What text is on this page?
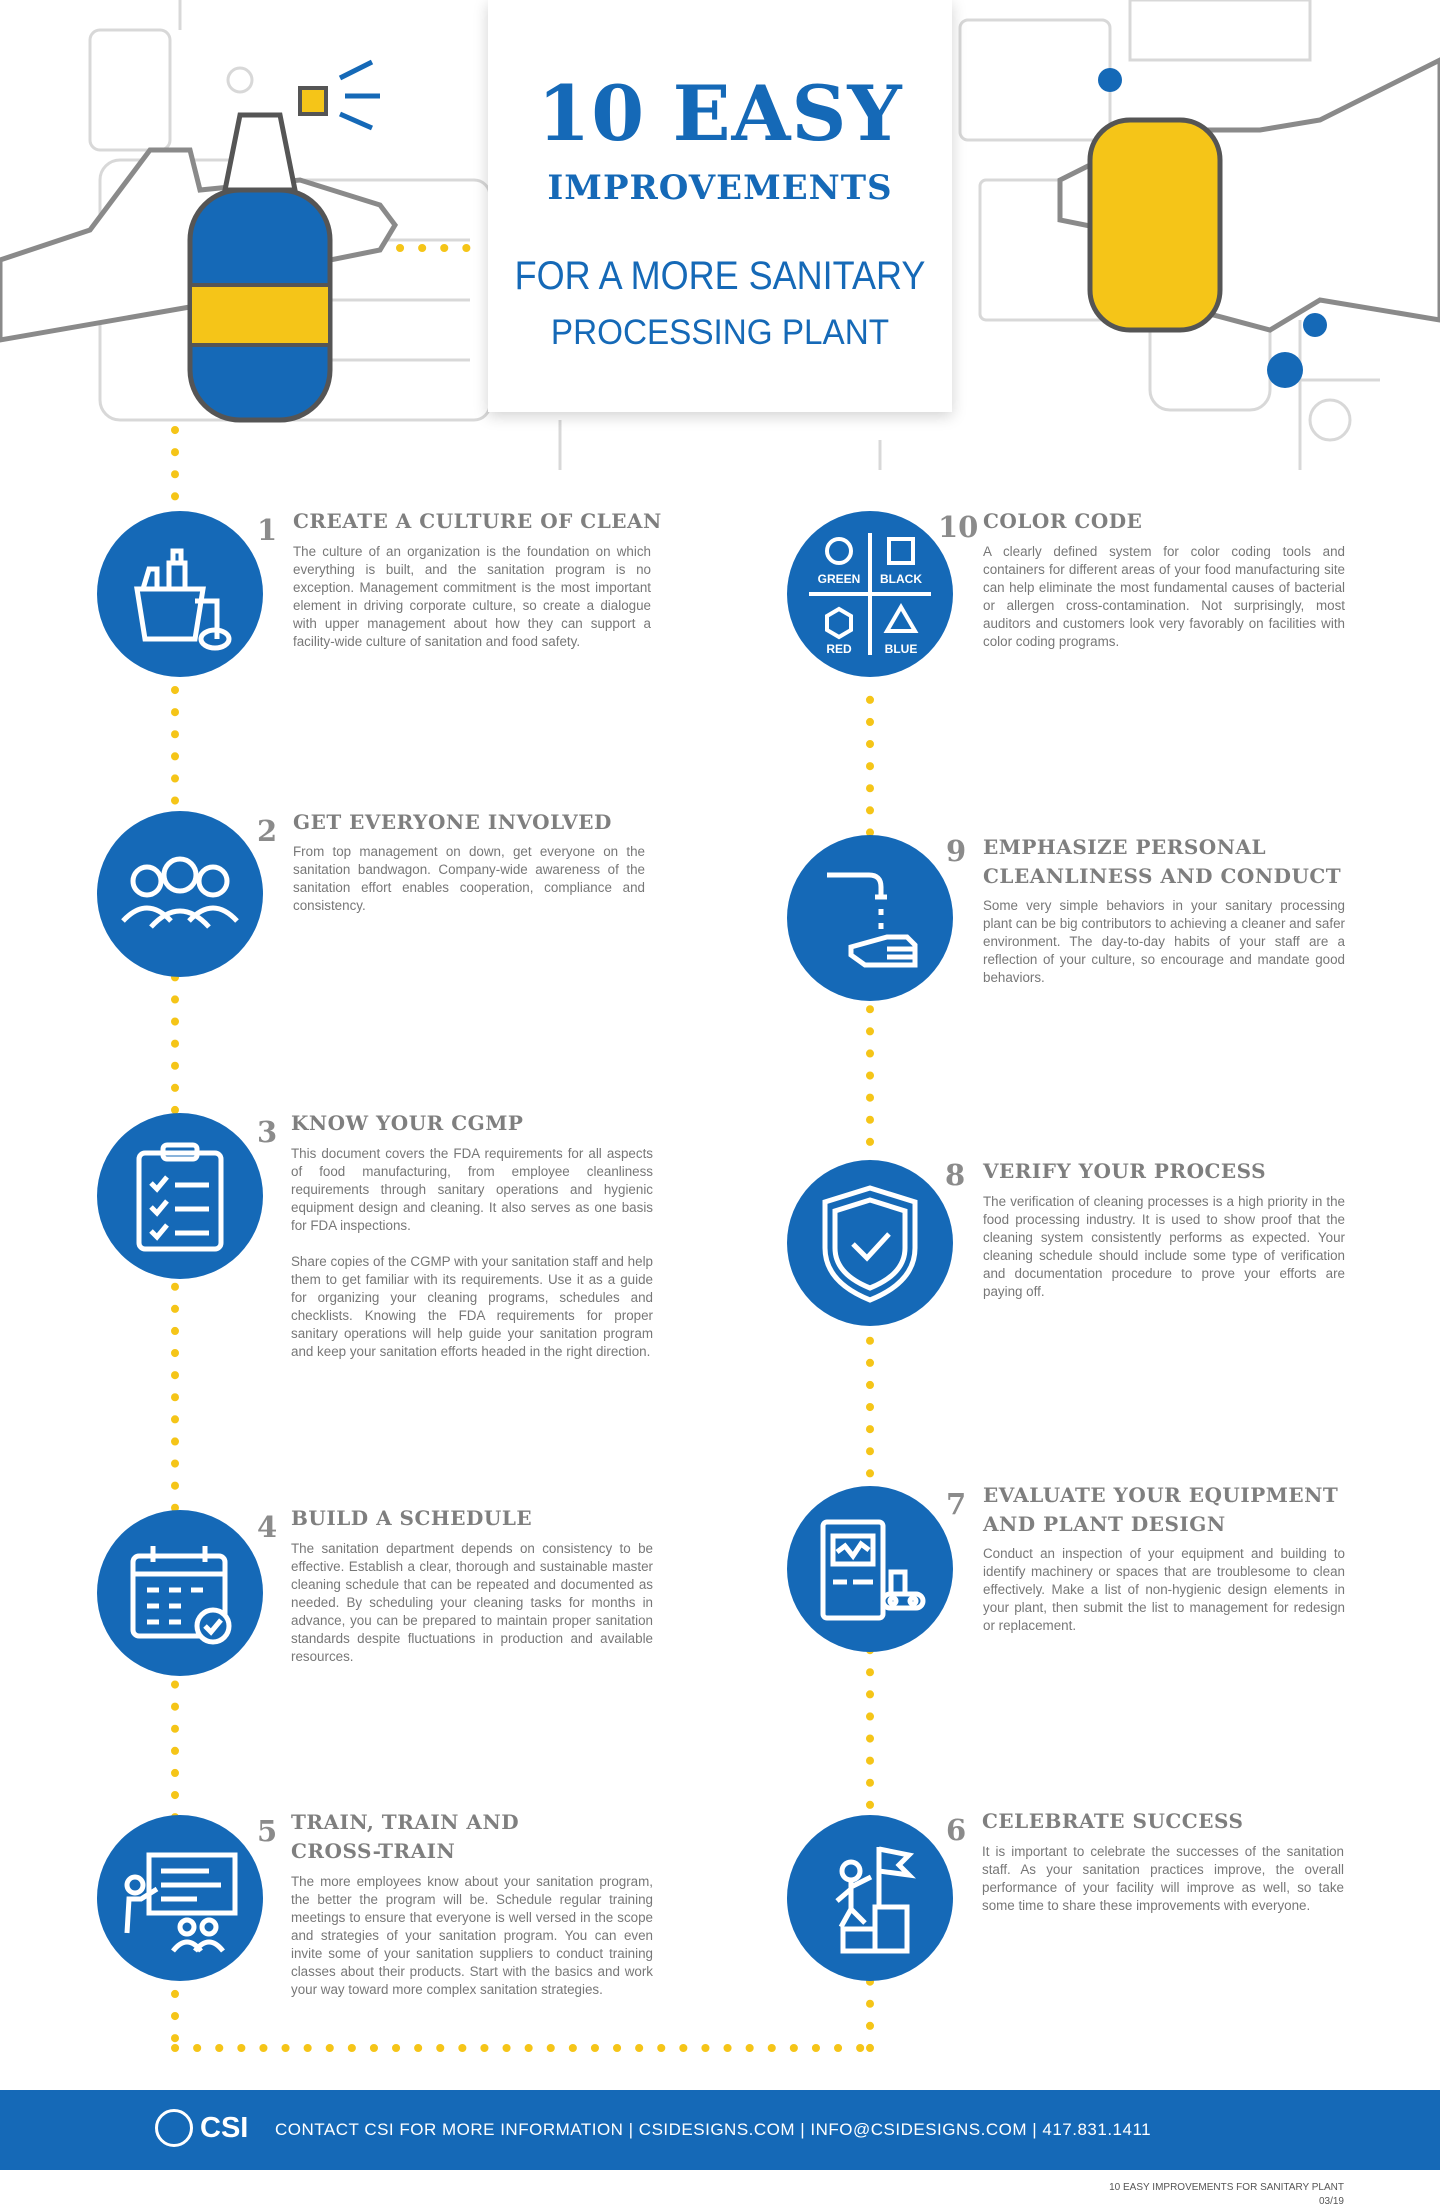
10 EASY
IMPROVEMENTS
FOR A MORE SANITARY
PROCESSING PLANT
1 CREATE A CULTURE OF CLEAN

The culture of an organization is the foundation on which everything is built, and the sanitation program is no exception. Management commitment is the most important element in driving corporate culture, so create a dialogue with upper management about how they can support a facility-wide culture of sanitation and food safety.

2 GET EVERYONE INVOLVED

From top management on down, get everyone on the sanitation bandwagon. Company-wide awareness of the sanitation effort enables cooperation, compliance and consistency.

3 KNOW YOUR CGMP

This document covers the FDA requirements for all aspects of food manufacturing, from employee cleanliness requirements through sanitary operations and hygienic equipment design and cleaning. It also serves as one basis for FDA inspections.

Share copies of the CGMP with your sanitation staff and help them to get familiar with its requirements. Use it as a guide for organizing your cleaning programs, schedules and checklists. Knowing the FDA requirements for proper sanitary operations will help guide your sanitation program and keep your sanitation efforts headed in the right direction.

4 BUILD A SCHEDULE

The sanitation department depends on consistency to be effective. Establish a clear, thorough and sustainable master cleaning schedule that can be repeated and documented as needed. By scheduling your cleaning tasks for months in advance, you can be prepared to maintain proper sanitation standards despite fluctuations in production and available resources.

5 TRAIN, TRAIN AND
CROSS-TRAIN

The more employees know about your sanitation program, the better the program will be. Schedule regular training meetings to ensure that everyone is well versed in the scope and strategies of your sanitation program. You can even invite some of your sanitation suppliers to conduct training classes about their products. Start with the basics and work your way toward more complex sanitation strategies.

GREEN BLACK
RED	BLUE
10 COLOR CODE

A clearly defined system for color coding tools and containers for different areas of your food manufacturing site can help eliminate the most fundamental causes of bacterial or allergen cross-contamination. Not surprisingly, most auditors and customers look very favorably on facilities with color coding programs.

9 EMPHASIZE PERSONAL
CLEANLINESS AND CONDUCT

Some very simple behaviors in your sanitary processing plant can be big contributors to achieving a cleaner and safer environment. The day-to-day habits of your staff are a reflection of your culture, so encourage and mandate good behaviors.

8 VERIFY YOUR PROCESS

The verification of cleaning processes is a high priority in the food processing industry. It is used to show proof that the cleaning system consistently performs as expected. Your cleaning schedule should include some type of verification and documentation procedure to prove your efforts are paying off.

7 EVALUATE YOUR EQUIPMENT
AND PLANT DESIGN

Conduct an inspection of your equipment and building to identify machinery or spaces that are troublesome to clean effectively. Make a list of non-hygienic design elements in your plant, then submit the list to management for redesign or replacement.

6 CELEBRATE SUCCESS

It is important to celebrate the successes of the sanitation staff. As your sanitation practices improve, the overall performance of your facility will improve as well, so take some time to share these improvements with everyone.

CSI CONTACT CSI FOR MORE INFORMATION | CSIDESIGNS.COM | INFO@CSIDESIGNS.COM | 417.831.1411
10 EASY IMPROVEMENTS FOR SANITARY PLANT
03/19
